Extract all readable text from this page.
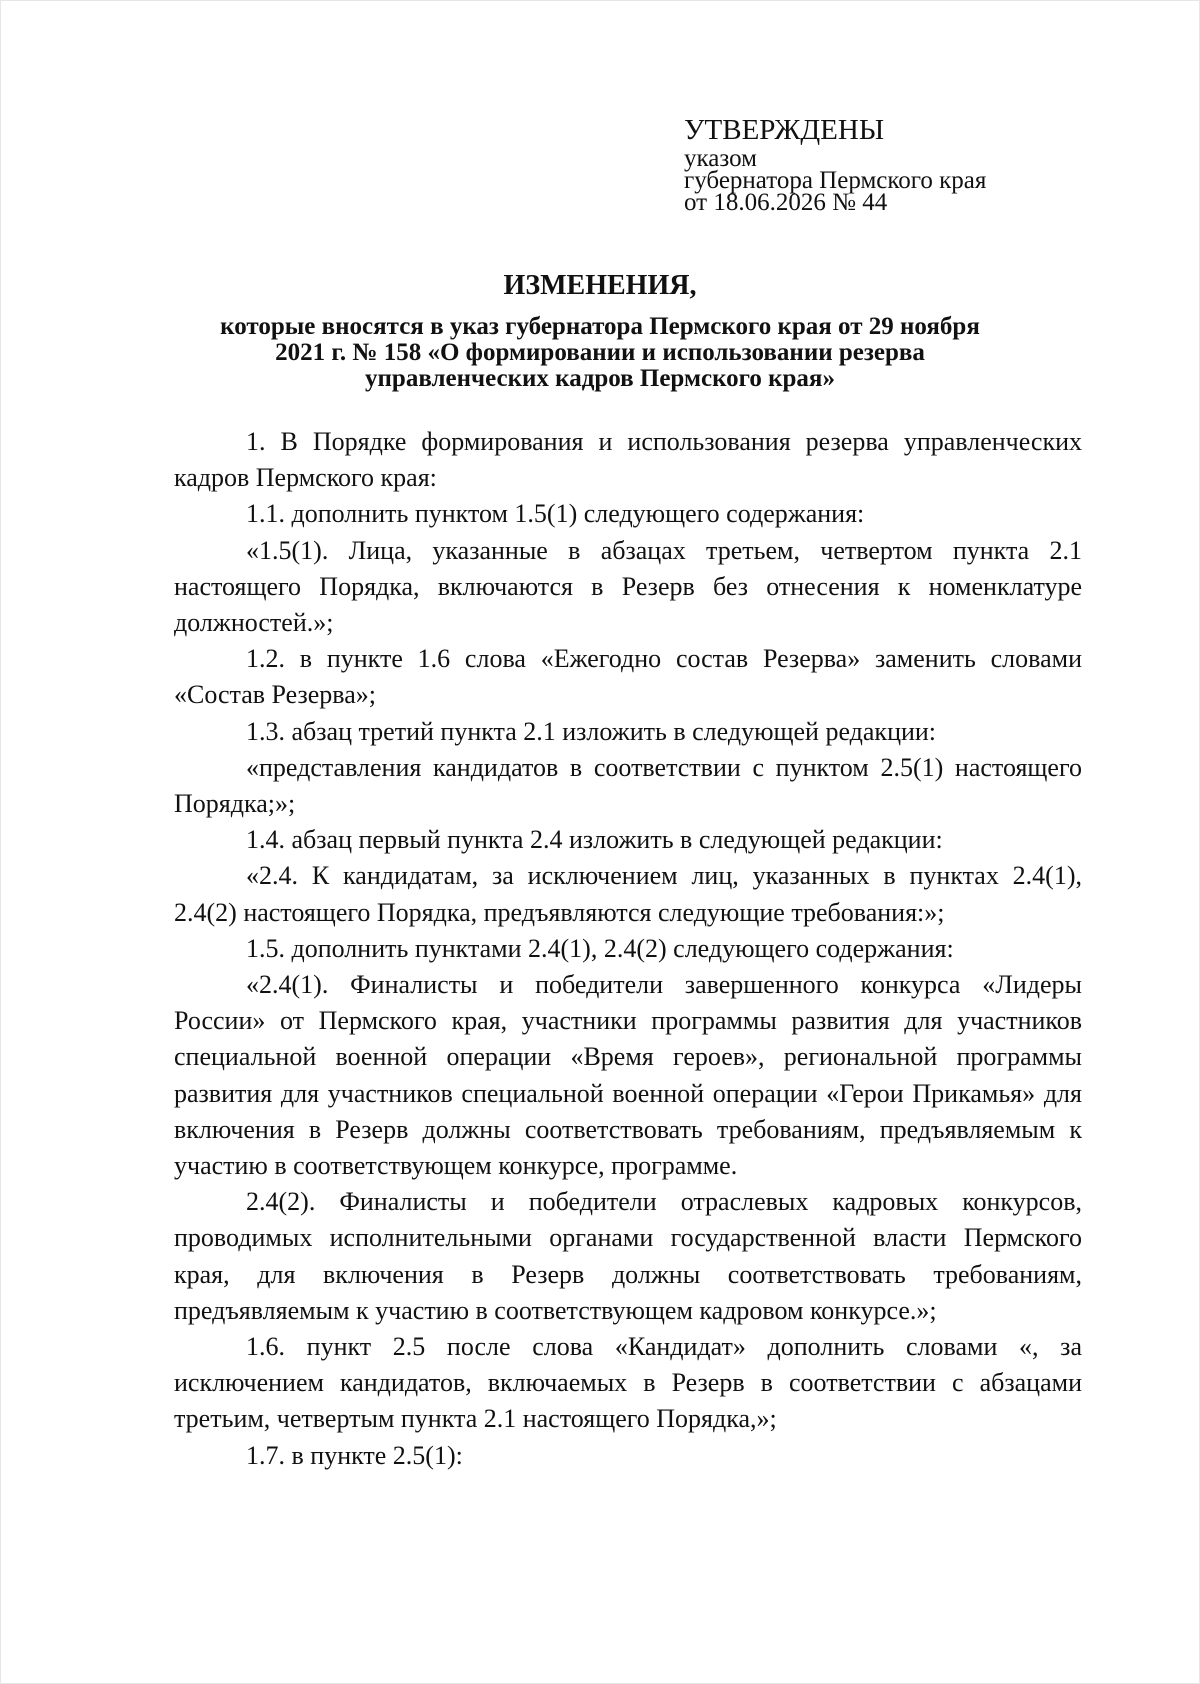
УТВЕРЖДЕНЫ
указом
губернатора Пермского края
от 18.06.2026 № 44
ИЗМЕНЕНИЯ,
которые вносятся в указ губернатора Пермского края от 29 ноября
2021 г. № 158 «О формировании и использовании резерва
управленческих кадров Пермского края»

1. В Порядке формирования и использования резерва управленческих кадров Пермского края:

1.1. дополнить пунктом 1.5(1) следующего содержания:

«1.5(1). Лица, указанные в абзацах третьем, четвертом пункта 2.1 настоящего Порядка, включаются в Резерв без отнесения к номенклатуре должностей.»;

1.2. в пункте 1.6 слова «Ежегодно состав Резерва» заменить словами «Состав Резерва»;

1.3. абзац третий пункта 2.1 изложить в следующей редакции:

«представления кандидатов в соответствии с пунктом 2.5(1) настоящего Порядка;»;

1.4. абзац первый пункта 2.4 изложить в следующей редакции:

«2.4. К кандидатам, за исключением лиц, указанных в пунктах 2.4(1), 2.4(2) настоящего Порядка, предъявляются следующие требования:»;

1.5. дополнить пунктами 2.4(1), 2.4(2) следующего содержания:

«2.4(1). Финалисты и победители завершенного конкурса «Лидеры России» от Пермского края, участники программы развития для участников специальной военной операции «Время героев», региональной программы развития для участников специальной военной операции «Герои Прикамья» для включения в Резерв должны соответствовать требованиям, предъявляемым к участию в соответствующем конкурсе, программе.

2.4(2). Финалисты и победители отраслевых кадровых конкурсов, проводимых исполнительными органами государственной власти Пермского края, для включения в Резерв должны соответствовать требованиям, предъявляемым к участию в соответствующем кадровом конкурсе.»;

1.6. пункт 2.5 после слова «Кандидат» дополнить словами «, за исключением кандидатов, включаемых в Резерв в соответствии с абзацами третьим, четвертым пункта 2.1 настоящего Порядка,»;

1.7. в пункте 2.5(1):
